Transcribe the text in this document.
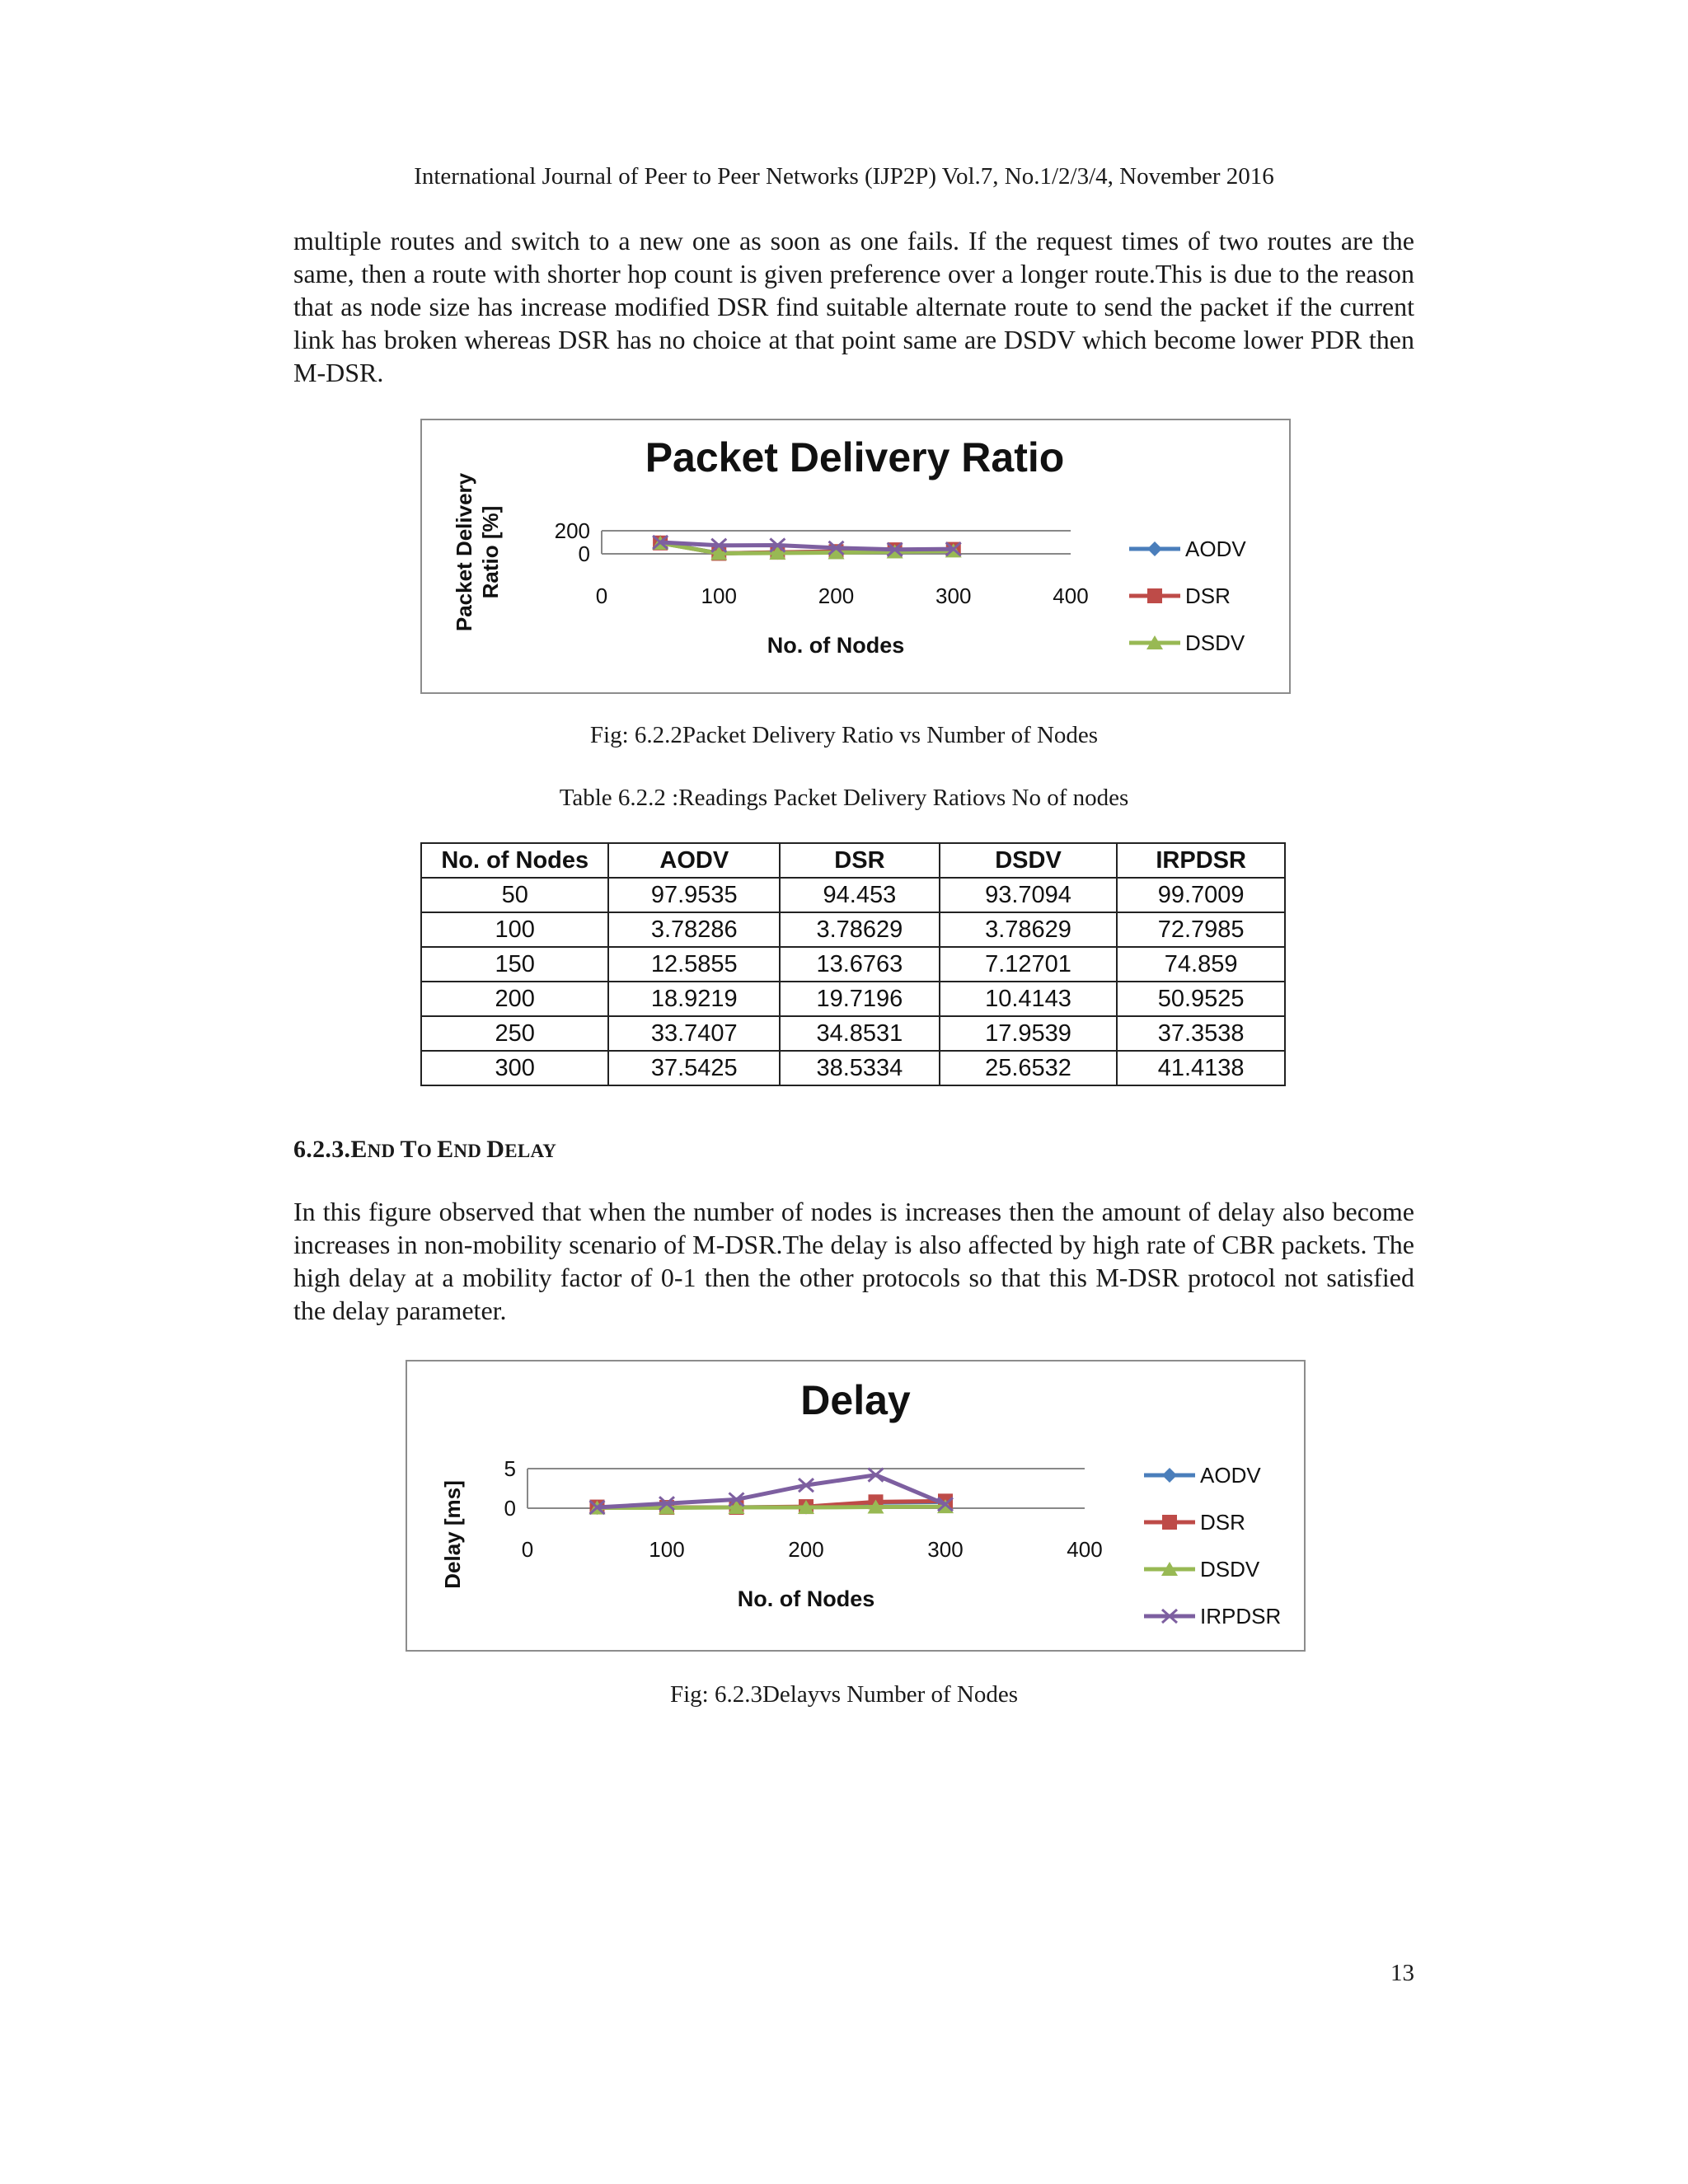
International Journal of Peer to Peer Networks (IJP2P) Vol.7, No.1/2/3/4, November 2016
multiple routes and switch to a new one as soon as one fails. If the request times of two routes are the same, then a route with shorter hop count is given preference over a longer route.This is due to the reason that as node size has increase modified DSR find suitable alternate route to send the packet if the current link has broken whereas DSR has no choice at that point same are DSDV which become lower PDR then M-DSR.
Packet Delivery Ratio
200
0
0	100	200	300	400
No. of Nodes
Packet Delivery Ratio [%]	AODV
DSR
DSDV
Fig: 6.2.2Packet Delivery Ratio vs Number of Nodes
Table 6.2.2 :Readings Packet Delivery Ratiovs No of nodes
No. of Nodes	AODV	DSR	DSDV	IRPDSR
50	97.9535	94.453	93.7094	99.7009
100	3.78286	3.78629	3.78629	72.7985
150	12.5855	13.6763	7.12701	74.859
200	18.9219	19.7196	10.4143	50.9525
250	33.7407	34.8531	17.9539	37.3538
300	37.5425	38.5334	25.6532	41.4138
6.2.3.END TO END DELAY
In this figure observed that when the number of nodes is increases then the amount of delay also become increases in non-mobility scenario of M-DSR.The delay is also affected by high rate of CBR packets. The high delay at a mobility factor of 0-1 then the other protocols so that this M-DSR protocol not satisfied the delay parameter.
Delay
5
0
0	100	200	300	400
No. of Nodes
Delay [ms]
AODV
DSR
DSDV
IRPDSR
Fig: 6.2.3Delayvs Number of Nodes
13
